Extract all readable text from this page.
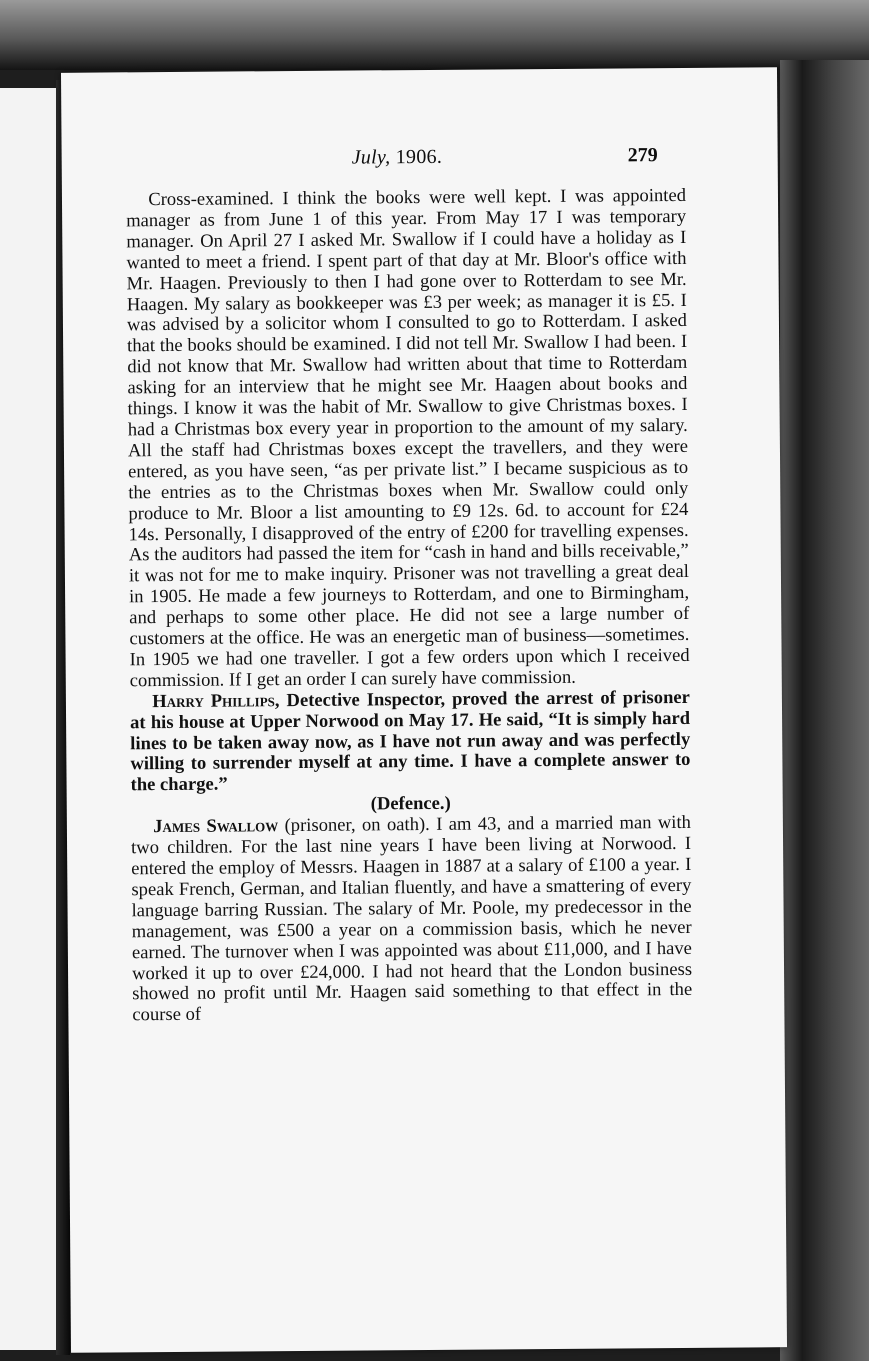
July, 1906.	279

Cross-examined. I think the books were well kept. I was appointed manager as from June 1 of this year. From May 17 I was temporary manager. On April 27 I asked Mr. Swallow if I could have a holiday as I wanted to meet a friend. I spent part of that day at Mr. Bloor's office with Mr. Haagen. Previously to then I had gone over to Rotterdam to see Mr. Haagen. My salary as bookkeeper was £3 per week; as manager it is £5. I was advised by a solicitor whom I consulted to go to Rotterdam. I asked that the books should be examined. I did not tell Mr. Swallow I had been. I did not know that Mr. Swallow had written about that time to Rotterdam asking for an interview that he might see Mr. Haagen about books and things. I know it was the habit of Mr. Swallow to give Christmas boxes. I had a Christmas box every year in proportion to the amount of my salary. All the staff had Christmas boxes except the travellers, and they were entered, as you have seen, “as per private list.” I became suspicious as to the entries as to the Christmas boxes when Mr. Swallow could only produce to Mr. Bloor a list amounting to £9 12s. 6d. to account for £24 14s. Personally, I disapproved of the entry of £200 for travelling expenses. As the auditors had passed the item for “cash in hand and bills receivable,” it was not for me to make inquiry. Prisoner was not travelling a great deal in 1905. He made a few journeys to Rotterdam, and one to Birmingham, and perhaps to some other place. He did not see a large number of customers at the office. He was an energetic man of business—sometimes. In 1905 we had one traveller. I got a few orders upon which I received commission. If I get an order I can surely have commission.

Harry Phillips, Detective Inspector, proved the arrest of prisoner at his house at Upper Norwood on May 17. He said, “It is simply hard lines to be taken away now, as I have not run away and was perfectly willing to surrender myself at any time. I have a complete answer to the charge.”

(Defence.)

James Swallow (prisoner, on oath). I am 43, and a married man with two children. For the last nine years I have been living at Norwood. I entered the employ of Messrs. Haagen in 1887 at a salary of £100 a year. I speak French, German, and Italian fluently, and have a smattering of every language barring Russian. The salary of Mr. Poole, my predecessor in the management, was £500 a year on a commission basis, which he never earned. The turnover when I was appointed was about £11,000, and I have worked it up to over £24,000. I had not heard that the London business showed no profit until Mr. Haagen said something to that effect in the course of
